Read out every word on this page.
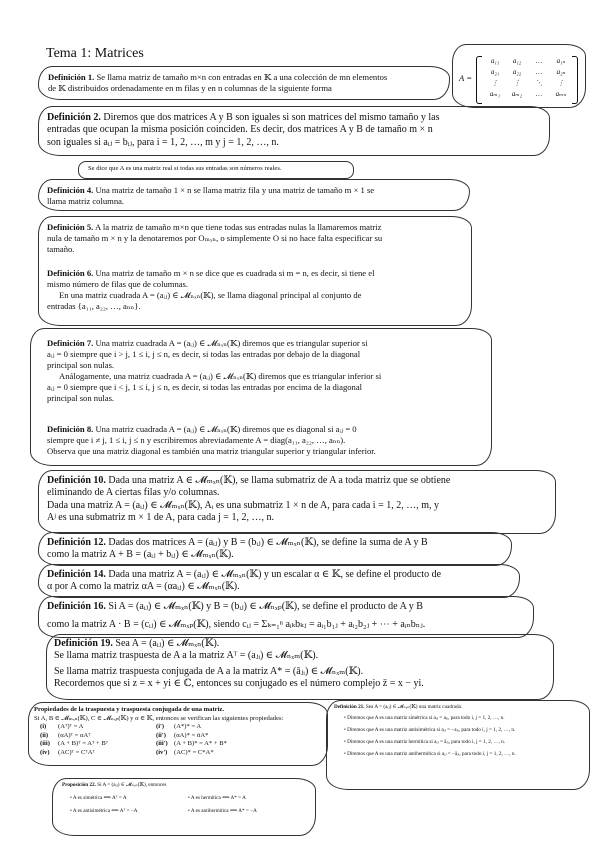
Tema 1: Matrices
A =
a₁₁	a₁₂	…	a₁ₙ
a₂₁	a₂₂	…	a₂ₙ
⋮	⋮	⋱	⋮
aₘ₁	aₘ₂	…	aₘₙ

Definición 1. Se llama matriz de tamaño m×n con entradas en 𝕂 a una colección de mn elementos

de 𝕂 distribuidos ordenadamente en m filas y en n columnas de la siguiente forma

Definición 2. Diremos que dos matrices A y B son iguales si son matrices del mismo tamaño y las

entradas que ocupan la misma posición coinciden. Es decir, dos matrices A y B de tamaño m × n

son iguales si aᵢⱼ = bᵢⱼ, para i = 1, 2, …, m y j = 1, 2, …, n.

Se dice que A es una matriz real si todas sus entradas son números reales.

Definición 4. Una matriz de tamaño 1 × n se llama matriz fila y una matriz de tamaño m × 1 se

llama matriz columna.

Definición 5. A la matriz de tamaño m×n que tiene todas sus entradas nulas la llamaremos matriz

nula de tamaño m × n y la denotaremos por Oₘₓₙ, o simplemente O si no hace falta especificar su

tamaño.

Definición 6. Una matriz de tamaño m × n se dice que es cuadrada si m = n, es decir, si tiene el

mismo número de filas que de columnas.

En una matriz cuadrada A = (aᵢⱼ) ∈ 𝓜ₙₓₙ(𝕂), se llama diagonal principal al conjunto de

entradas {a₁₁, a₂₂, …, aₙₙ}.

Definición 7. Una matriz cuadrada A = (aᵢⱼ) ∈ 𝓜ₙₓₙ(𝕂) diremos que es triangular superior si

aᵢⱼ = 0 siempre que i > j, 1 ≤ i, j ≤ n, es decir, si todas las entradas por debajo de la diagonal

principal son nulas.

Análogamente, una matriz cuadrada A = (aᵢⱼ) ∈ 𝓜ₙₓₙ(𝕂) diremos que es triangular inferior si

aᵢⱼ = 0 siempre que i < j, 1 ≤ i, j ≤ n, es decir, si todas las entradas por encima de la diagonal

principal son nulas.

Definición 8. Una matriz cuadrada A = (aᵢⱼ) ∈ 𝓜ₙₓₙ(𝕂) diremos que es diagonal si aᵢⱼ = 0

siempre que i ≠ j, 1 ≤ i, j ≤ n y escribiremos abreviadamente A = diag(a₁₁, a₂₂, …, aₙₙ).

Observa que una matriz diagonal es también una matriz triangular superior y triangular inferior.

Definición 10. Dada una matriz A ∈ 𝓜ₘₓₙ(𝕂), se llama submatriz de A a toda matriz que se obtiene

eliminando de A ciertas filas y/o columnas.

Dada una matriz A = (aᵢⱼ) ∈ 𝓜ₘₓₙ(𝕂), Aᵢ es una submatriz 1 × n de A, para cada i = 1, 2, …, m, y

Aʲ es una submatriz m × 1 de A, para cada j = 1, 2, …, n.

Definición 12. Dadas dos matrices A = (aᵢⱼ) y B = (bᵢⱼ) ∈ 𝓜ₘₓₙ(𝕂), se define la suma de A y B

como la matriz A + B = (aᵢⱼ + bᵢⱼ) ∈ 𝓜ₘₓₙ(𝕂).

Definición 14. Dada una matriz A = (aᵢⱼ) ∈ 𝓜ₘₓₙ(𝕂) y un escalar α ∈ 𝕂, se define el producto de

α por A como la matriz αA = (αaᵢⱼ) ∈ 𝓜ₘₓₙ(𝕂).

Definición 16. Si A = (aᵢⱼ) ∈ 𝓜ₘₓₙ(𝕂) y B = (bᵢⱼ) ∈ 𝓜ₙₓₚ(𝕂), se define el producto de A y B

como la matriz A · B = (cᵢⱼ) ∈ 𝓜ₘₓₚ(𝕂), siendo cᵢⱼ = Σₖ₌₁ⁿ aᵢₖbₖⱼ = aᵢ₁b₁ⱼ + aᵢ₂b₂ⱼ + ⋯ + aᵢₙbₙⱼ.

Definición 19. Sea A = (aᵢⱼ) ∈ 𝓜ₘₓₙ(𝕂).

Se llama matriz traspuesta de A a la matriz Aᵀ = (aⱼᵢ) ∈ 𝓜ₙₓₘ(𝕂).

Se llama matriz traspuesta conjugada de A a la matriz A* = (āⱼᵢ) ∈ 𝓜ₙₓₘ(𝕂).

Recordemos que si z = x + yi ∈ ℂ, entonces su conjugado es el número complejo z̄ = x − yi.

Propiedades de la traspuesta y traspuesta conjugada de una matriz.

Si A, B ∈ 𝓜ₘₓₙ(𝕂), C ∈ 𝓜ₙₓₚ(𝕂) y α ∈ 𝕂, entonces se verifican las siguientes propiedades:

(i)	(Aᵀ)ᵀ = A	(i')	(A*)* = A
(ii)	(αA)ᵀ = αAᵀ	(ii')	(αA)* = ᾱA*
(iii)	(A + B)ᵀ = Aᵀ + Bᵀ	(iii') (A + B)* = A* + B*
(iv)	(AC)ᵀ = CᵀAᵀ	(iv')	(AC)* = C*A*

Definición 21. Sea A = (aᵢⱼ) ∈ 𝓜ₙₓₙ(𝕂) una matriz cuadrada.

• Diremos que A es una matriz simétrica si aᵢⱼ = aⱼᵢ, para todo i, j = 1, 2, …, n.
• Diremos que A es una matriz antisimétrica si aᵢⱼ = −aⱼᵢ, para todo i, j = 1, 2, …, n.
• Diremos que A es una matriz hermítica si aᵢⱼ = āⱼᵢ, para todo i, j = 1, 2, …, n.
• Diremos que A es una matriz antihermítica si aᵢⱼ = −āⱼᵢ, para todo i, j = 1, 2, …, n.

Proposición 22. Si A = (aᵢⱼ) ∈ 𝓜ₙₓₙ(𝕂), entonces

• A es simétrica ⟺ Aᵀ = A	• A es hermítica ⟺ A* = A
• A es antisimétrica ⟺ Aᵀ = −A	• A es antihermítica ⟺ A* = −A
